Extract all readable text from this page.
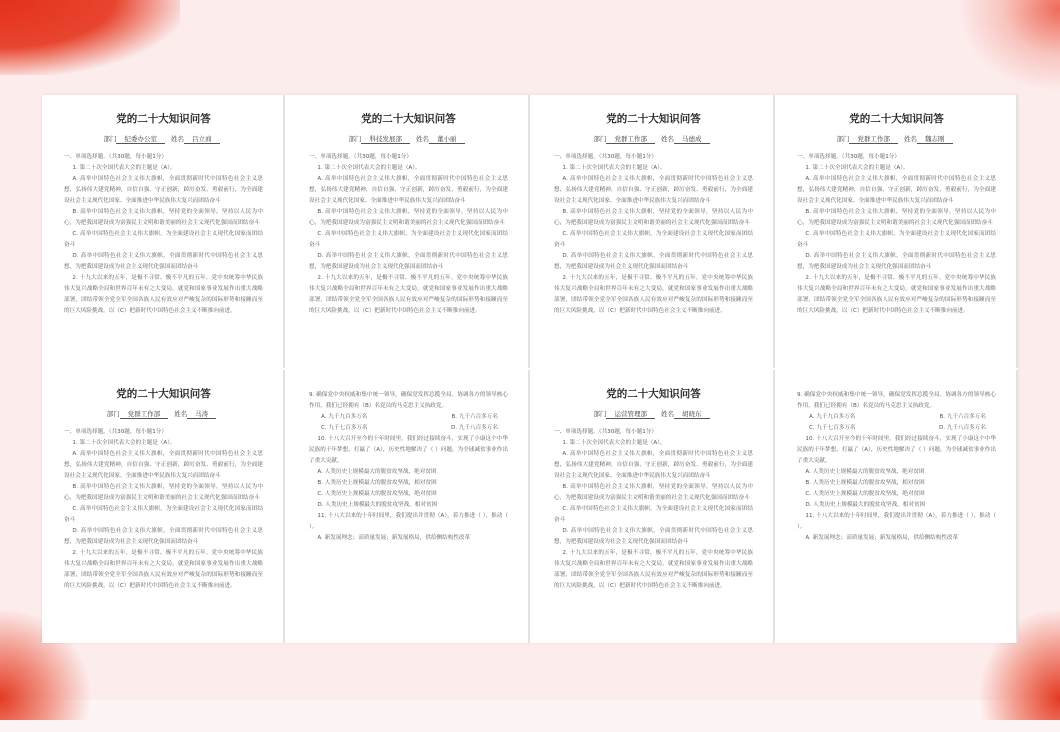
党的二十大知识问答
部门 纪委办公室 姓名 吕立商

一、单项选择题。（共30题，每小题1分）

1. 第二十次全国代表大会的主题是（A）。

A. 高举中国特色社会主义伟大旗帜，全面贯彻新时代中国特色社会主义思想，弘扬伟大建党精神，自信自强、守正创新，踔厉奋发、勇毅前行，为全面建设社会主义现代化国家、全面推进中华民族伟大复兴而团结奋斗

B. 高举中国特色社会主义伟大旗帜，坚持党的全面领导，坚持以人民为中心，为把我国建设成为富强民主文明和谐美丽的社会主义现代化强国而团结奋斗

C. 高举中国特色社会主义伟大旗帜，为全面建设社会主义现代化国家而团结奋斗

D. 高举中国特色社会主义伟大旗帜，全面贯彻新时代中国特色社会主义思想，为把我国建设成为社会主义现代化强国而团结奋斗

2. 十九大以来的五年，是极不寻常、极不平凡的五年。党中央统筹中华民族伟大复兴战略全局和世界百年未有之大变局，就党和国家事业发展作出重大战略部署，团结带领全党全军全国各族人民有效应对严峻复杂的国际形势和接踵而至的巨大风险挑战，以（C）把新时代中国特色社会主义不断推向前进。

党的二十大知识问答
部门 科技发展部 姓名 董小丽

一、单项选择题。（共30题，每小题1分）

1. 第二十次全国代表大会的主题是（A）。

A. 高举中国特色社会主义伟大旗帜，全面贯彻新时代中国特色社会主义思想，弘扬伟大建党精神，自信自强、守正创新，踔厉奋发、勇毅前行，为全面建设社会主义现代化国家、全面推进中华民族伟大复兴而团结奋斗

B. 高举中国特色社会主义伟大旗帜，坚持党的全面领导，坚持以人民为中心，为把我国建设成为富强民主文明和谐美丽的社会主义现代化强国而团结奋斗

C. 高举中国特色社会主义伟大旗帜，为全面建设社会主义现代化国家而团结奋斗

D. 高举中国特色社会主义伟大旗帜，全面贯彻新时代中国特色社会主义思想，为把我国建设成为社会主义现代化强国而团结奋斗

2. 十九大以来的五年，是极不寻常、极不平凡的五年。党中央统筹中华民族伟大复兴战略全局和世界百年未有之大变局，就党和国家事业发展作出重大战略部署，团结带领全党全军全国各族人民有效应对严峻复杂的国际形势和接踵而至的巨大风险挑战，以（C）把新时代中国特色社会主义不断推向前进。

党的二十大知识问答
部门 党群工作部 姓名 马德成

一、单项选择题。（共30题，每小题1分）

1. 第二十次全国代表大会的主题是（A）。

A. 高举中国特色社会主义伟大旗帜，全面贯彻新时代中国特色社会主义思想，弘扬伟大建党精神，自信自强、守正创新，踔厉奋发、勇毅前行，为全面建设社会主义现代化国家、全面推进中华民族伟大复兴而团结奋斗

B. 高举中国特色社会主义伟大旗帜，坚持党的全面领导，坚持以人民为中心，为把我国建设成为富强民主文明和谐美丽的社会主义现代化强国而团结奋斗

C. 高举中国特色社会主义伟大旗帜，为全面建设社会主义现代化国家而团结奋斗

D. 高举中国特色社会主义伟大旗帜，全面贯彻新时代中国特色社会主义思想，为把我国建设成为社会主义现代化强国而团结奋斗

2. 十九大以来的五年，是极不寻常、极不平凡的五年。党中央统筹中华民族伟大复兴战略全局和世界百年未有之大变局，就党和国家事业发展作出重大战略部署，团结带领全党全军全国各族人民有效应对严峻复杂的国际形势和接踵而至的巨大风险挑战，以（C）把新时代中国特色社会主义不断推向前进。

党的二十大知识问答
部门 党群工作部 姓名 魏志刚

一、单项选择题。（共30题，每小题1分）

1. 第二十次全国代表大会的主题是（A）。

A. 高举中国特色社会主义伟大旗帜，全面贯彻新时代中国特色社会主义思想，弘扬伟大建党精神，自信自强、守正创新，踔厉奋发、勇毅前行，为全面建设社会主义现代化国家、全面推进中华民族伟大复兴而团结奋斗

B. 高举中国特色社会主义伟大旗帜，坚持党的全面领导，坚持以人民为中心，为把我国建设成为富强民主文明和谐美丽的社会主义现代化强国而团结奋斗

C. 高举中国特色社会主义伟大旗帜，为全面建设社会主义现代化国家而团结奋斗

D. 高举中国特色社会主义伟大旗帜，全面贯彻新时代中国特色社会主义思想，为把我国建设成为社会主义现代化强国而团结奋斗

2. 十九大以来的五年，是极不寻常、极不平凡的五年。党中央统筹中华民族伟大复兴战略全局和世界百年未有之大变局，就党和国家事业发展作出重大战略部署，团结带领全党全军全国各族人民有效应对严峻复杂的国际形势和接踵而至的巨大风险挑战，以（C）把新时代中国特色社会主义不断推向前进。

党的二十大知识问答
部门 党群工作部 姓名 马涛

一、单项选择题。（共30题，每小题1分）

1. 第二十次全国代表大会的主题是（A）。

A. 高举中国特色社会主义伟大旗帜，全面贯彻新时代中国特色社会主义思想，弘扬伟大建党精神，自信自强、守正创新，踔厉奋发、勇毅前行，为全面建设社会主义现代化国家、全面推进中华民族伟大复兴而团结奋斗

B. 高举中国特色社会主义伟大旗帜，坚持党的全面领导，坚持以人民为中心，为把我国建设成为富强民主文明和谐美丽的社会主义现代化强国而团结奋斗

C. 高举中国特色社会主义伟大旗帜，为全面建设社会主义现代化国家而团结奋斗

D. 高举中国特色社会主义伟大旗帜，全面贯彻新时代中国特色社会主义思想，为把我国建设成为社会主义现代化强国而团结奋斗

2. 十九大以来的五年，是极不寻常、极不平凡的五年。党中央统筹中华民族伟大复兴战略全局和世界百年未有之大变局，就党和国家事业发展作出重大战略部署，团结带领全党全军全国各族人民有效应对严峻复杂的国际形势和接踵而至的巨大风险挑战，以（C）把新时代中国特色社会主义不断推向前进。

9. 确保党中央权威和集中统一领导，确保党发挥总揽全局、协调各方的领导核心作用，我们已经拥有（B）名党员的马克思主义执政党。

A. 九千九百多万名	B. 九千六百多万名
C. 九千七百多万名	D. 九千八百多万名

10. 十八大召开至今的十年时间里，我们经过接续奋斗，实现了小康这个中华民族的千年梦想，打赢了（A），历史性地解决了（ ）问题，为全球减贫事业作出了重大贡献。

A. 人类历史上规模最大的脱贫攻坚战，绝对贫困

B. 人类历史上规模最大的脱贫攻坚战，相对贫困

C. 人类历史上规模最大的脱贫攻坚战，绝对贫困

D. 人类历史上规模最大的脱贫攻坚战，相对贫困

11. 十八大以来的十年时间里，我们提出并贯彻（A），着力推进（ ），推动（ ）。

A. 新发展理念；高质量发展；新发展格局，供给侧结构性改革

党的二十大知识问答
部门 运营管理部 姓名 胡晓东

一、单项选择题。（共30题，每小题1分）

1. 第二十次全国代表大会的主题是（A）。

A. 高举中国特色社会主义伟大旗帜，全面贯彻新时代中国特色社会主义思想，弘扬伟大建党精神，自信自强、守正创新，踔厉奋发、勇毅前行，为全面建设社会主义现代化国家、全面推进中华民族伟大复兴而团结奋斗

B. 高举中国特色社会主义伟大旗帜，坚持党的全面领导，坚持以人民为中心，为把我国建设成为富强民主文明和谐美丽的社会主义现代化强国而团结奋斗

C. 高举中国特色社会主义伟大旗帜，为全面建设社会主义现代化国家而团结奋斗

D. 高举中国特色社会主义伟大旗帜，全面贯彻新时代中国特色社会主义思想，为把我国建设成为社会主义现代化强国而团结奋斗

2. 十九大以来的五年，是极不寻常、极不平凡的五年。党中央统筹中华民族伟大复兴战略全局和世界百年未有之大变局，就党和国家事业发展作出重大战略部署，团结带领全党全军全国各族人民有效应对严峻复杂的国际形势和接踵而至的巨大风险挑战，以（C）把新时代中国特色社会主义不断推向前进。

9. 确保党中央权威和集中统一领导，确保党发挥总揽全局、协调各方的领导核心作用，我们已经拥有（B）名党员的马克思主义执政党。

A. 九千九百多万名	B. 九千六百多万名
C. 九千七百多万名	D. 九千八百多万名

10. 十八大召开至今的十年时间里，我们经过接续奋斗，实现了小康这个中华民族的千年梦想，打赢了（A），历史性地解决了（ ）问题，为全球减贫事业作出了重大贡献。

A. 人类历史上规模最大的脱贫攻坚战，绝对贫困

B. 人类历史上规模最大的脱贫攻坚战，相对贫困

C. 人类历史上规模最大的脱贫攻坚战，绝对贫困

D. 人类历史上规模最大的脱贫攻坚战，相对贫困

11. 十八大以来的十年时间里，我们提出并贯彻（A），着力推进（ ），推动（ ）。

A. 新发展理念；高质量发展；新发展格局，供给侧结构性改革
